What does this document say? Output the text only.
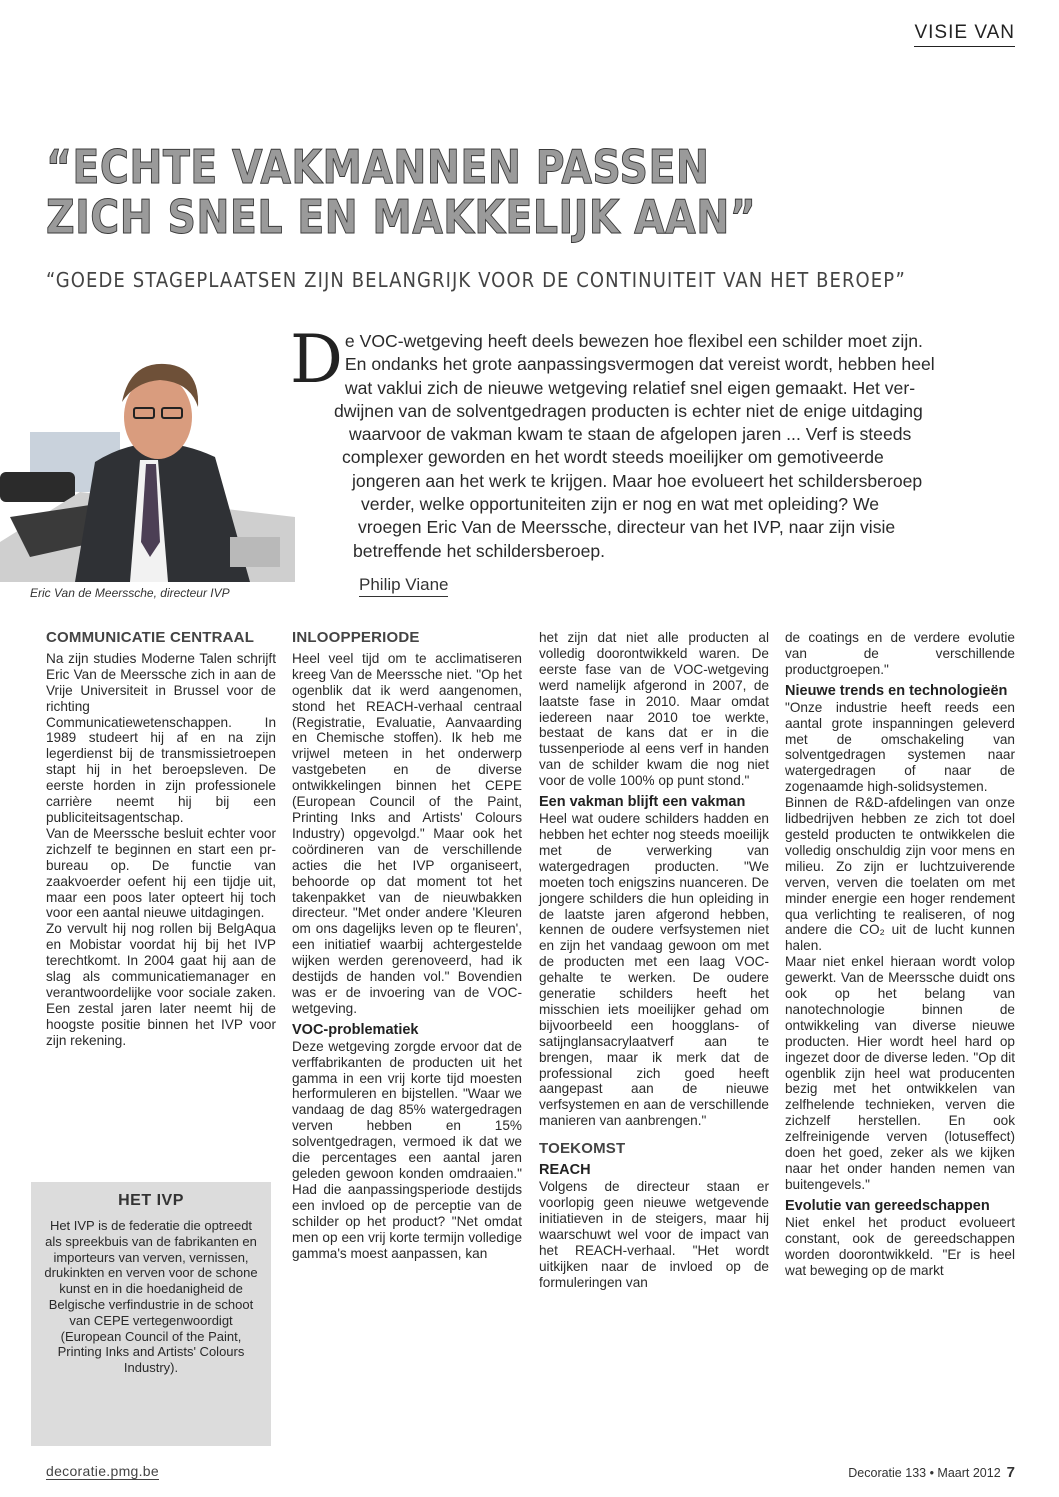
VISIE VAN
“ECHTE VAKMANNEN PASSEN
ZICH SNEL EN MAKKELIJK AAN”
“GOEDE STAGEPLAATSEN ZIJN BELANGRIJK VOOR DE CONTINUITEIT VAN HET BEROEP”
Eric Van de Meerssche, directeur IVP
D e VOC-wetgeving heeft deels bewezen hoe flexibel een schilder moet zijn.
En ondanks het grote aanpassingsvermogen dat vereist wordt, hebben heel
wat vaklui zich de nieuwe wetgeving relatief snel eigen gemaakt. Het ver-
dwijnen van de solventgedragen producten is echter niet de enige uitdaging
waarvoor de vakman kwam te staan de afgelopen jaren ... Verf is steeds
complexer geworden en het wordt steeds moeilijker om gemotiveerde
jongeren aan het werk te krijgen. Maar hoe evolueert het schildersberoep
verder, welke opportuniteiten zijn er nog en wat met opleiding? We
vroegen Eric Van de Meerssche, directeur van het IVP, naar zijn visie
betreffende het schildersberoep.
Philip Viane
COMMUNICATIE CENTRAAL

Na zijn studies Moderne Talen schrijft Eric Van de Meerssche zich in aan de Vrije Universiteit in Brussel voor de richting Communicatiewetenschappen. In 1989 studeert hij af en na zijn legerdienst bij de transmissietroepen stapt hij in het beroepsleven. De eerste horden in zijn professionele carrière neemt hij bij een publiciteitsagentschap.
Van de Meerssche besluit echter voor zichzelf te beginnen en start een pr-bureau op. De functie van zaakvoerder oefent hij een tijdje uit, maar een poos later opteert hij toch voor een aantal nieuwe uitdagingen.
Zo vervult hij nog rollen bij BelgAqua en Mobistar voordat hij bij het IVP terechtkomt. In 2004 gaat hij aan de slag als communicatiemanager en verantwoordelijke voor sociale zaken. Een zestal jaren later neemt hij de hoogste positie binnen het IVP voor zijn rekening.

HET IVP
Het IVP is de federatie die optreedt als spreekbuis van de fabrikanten en importeurs van verven, vernissen, drukinkten en verven voor de schone kunst en in die hoedanigheid de Belgische verfindustrie in de schoot van CEPE vertegenwoordigt (European Council of the Paint, Printing Inks and Artists' Colours Industry).
INLOOPPERIODE

Heel veel tijd om te acclimatiseren kreeg Van de Meerssche niet. "Op het ogenblik dat ik werd aangenomen, stond het REACH-verhaal centraal (Registratie, Evaluatie, Aanvaarding en Chemische stoffen). Ik heb me vrijwel meteen in het onderwerp vastgebeten en de diverse ontwikkelingen binnen het CEPE (European Council of the Paint, Printing Inks and Artists' Colours Industry) opgevolgd." Maar ook het coördineren van de verschillende acties die het IVP organiseert, behoorde op dat moment tot het takenpakket van de nieuwbakken directeur. "Met onder andere 'Kleuren om ons dagelijks leven op te fleuren', een initiatief waarbij achtergestelde wijken werden gerenoveerd, had ik destijds de handen vol." Bovendien was er de invoering van de VOC-wetgeving.

VOC-problematiek

Deze wetgeving zorgde ervoor dat de verffabrikanten de producten uit het gamma in een vrij korte tijd moesten herformuleren en bijstellen. "Waar we vandaag de dag 85% watergedragen verven hebben en 15% solventgedragen, vermoed ik dat we die percentages een aantal jaren geleden gewoon konden omdraaien." Had die aanpassingsperiode destijds een invloed op de perceptie van de schilder op het product? "Net omdat men op een vrij korte termijn volledige gamma's moest aanpassen, kan

het zijn dat niet alle producten al volledig doorontwikkeld waren. De eerste fase van de VOC-wetgeving werd namelijk afgerond in 2007, de laatste fase in 2010. Maar omdat iedereen naar 2010 toe werkte, bestaat de kans dat er in die tussenperiode al eens verf in handen van de schilder kwam die nog niet voor de volle 100% op punt stond."

Een vakman blijft een vakman

Heel wat oudere schilders hadden en hebben het echter nog steeds moeilijk met de verwerking van watergedragen producten. "We moeten toch enigszins nuanceren. De jongere schilders die hun opleiding in de laatste jaren afgerond hebben, kennen de oudere verfsystemen niet en zijn het vandaag gewoon om met de producten met een laag VOC-gehalte te werken. De oudere generatie schilders heeft het misschien iets moeilijker gehad om bijvoorbeeld een hoogglans- of satijnglansacrylaatverf aan te brengen, maar ik merk dat de professional zich goed heeft aangepast aan de nieuwe verfsystemen en aan de verschillende manieren van aanbrengen."

TOEKOMST
REACH

Volgens de directeur staan er voorlopig geen nieuwe wetgevende initiatieven in de steigers, maar hij waarschuwt wel voor de impact van het REACH-verhaal. "Het wordt uitkijken naar de invloed op de formuleringen van

de coatings en de verdere evolutie van de verschillende productgroepen."

Nieuwe trends en technologieën

"Onze industrie heeft reeds een aantal grote inspanningen geleverd met de omschakeling van solventgedragen systemen naar watergedragen of naar de zogenaamde high-solidsystemen.
Binnen de R&D-afdelingen van onze lidbedrijven hebben ze zich tot doel gesteld producten te ontwikkelen die volledig onschuldig zijn voor mens en milieu. Zo zijn er luchtzuiverende verven, verven die toelaten om met minder energie een hoger rendement qua verlichting te realiseren, of nog andere die CO₂ uit de lucht kunnen halen.
Maar niet enkel hieraan wordt volop gewerkt. Van de Meerssche duidt ons ook op het belang van nanotechnologie binnen de ontwikkeling van diverse nieuwe producten. Hier wordt heel hard op ingezet door de diverse leden. "Op dit ogenblik zijn heel wat producenten bezig met het ontwikkelen van zelfhelende technieken, verven die zichzelf herstellen. En ook zelfreinigende verven (lotuseffect) doen het goed, zeker als we kijken naar het onder handen nemen van buitengevels."

Evolutie van gereedschappen

Niet enkel het product evolueert constant, ook de gereedschappen worden doorontwikkeld. "Er is heel wat beweging op de markt

decoratie.pmg.be	Decoratie 133 • Maart 2012 7
